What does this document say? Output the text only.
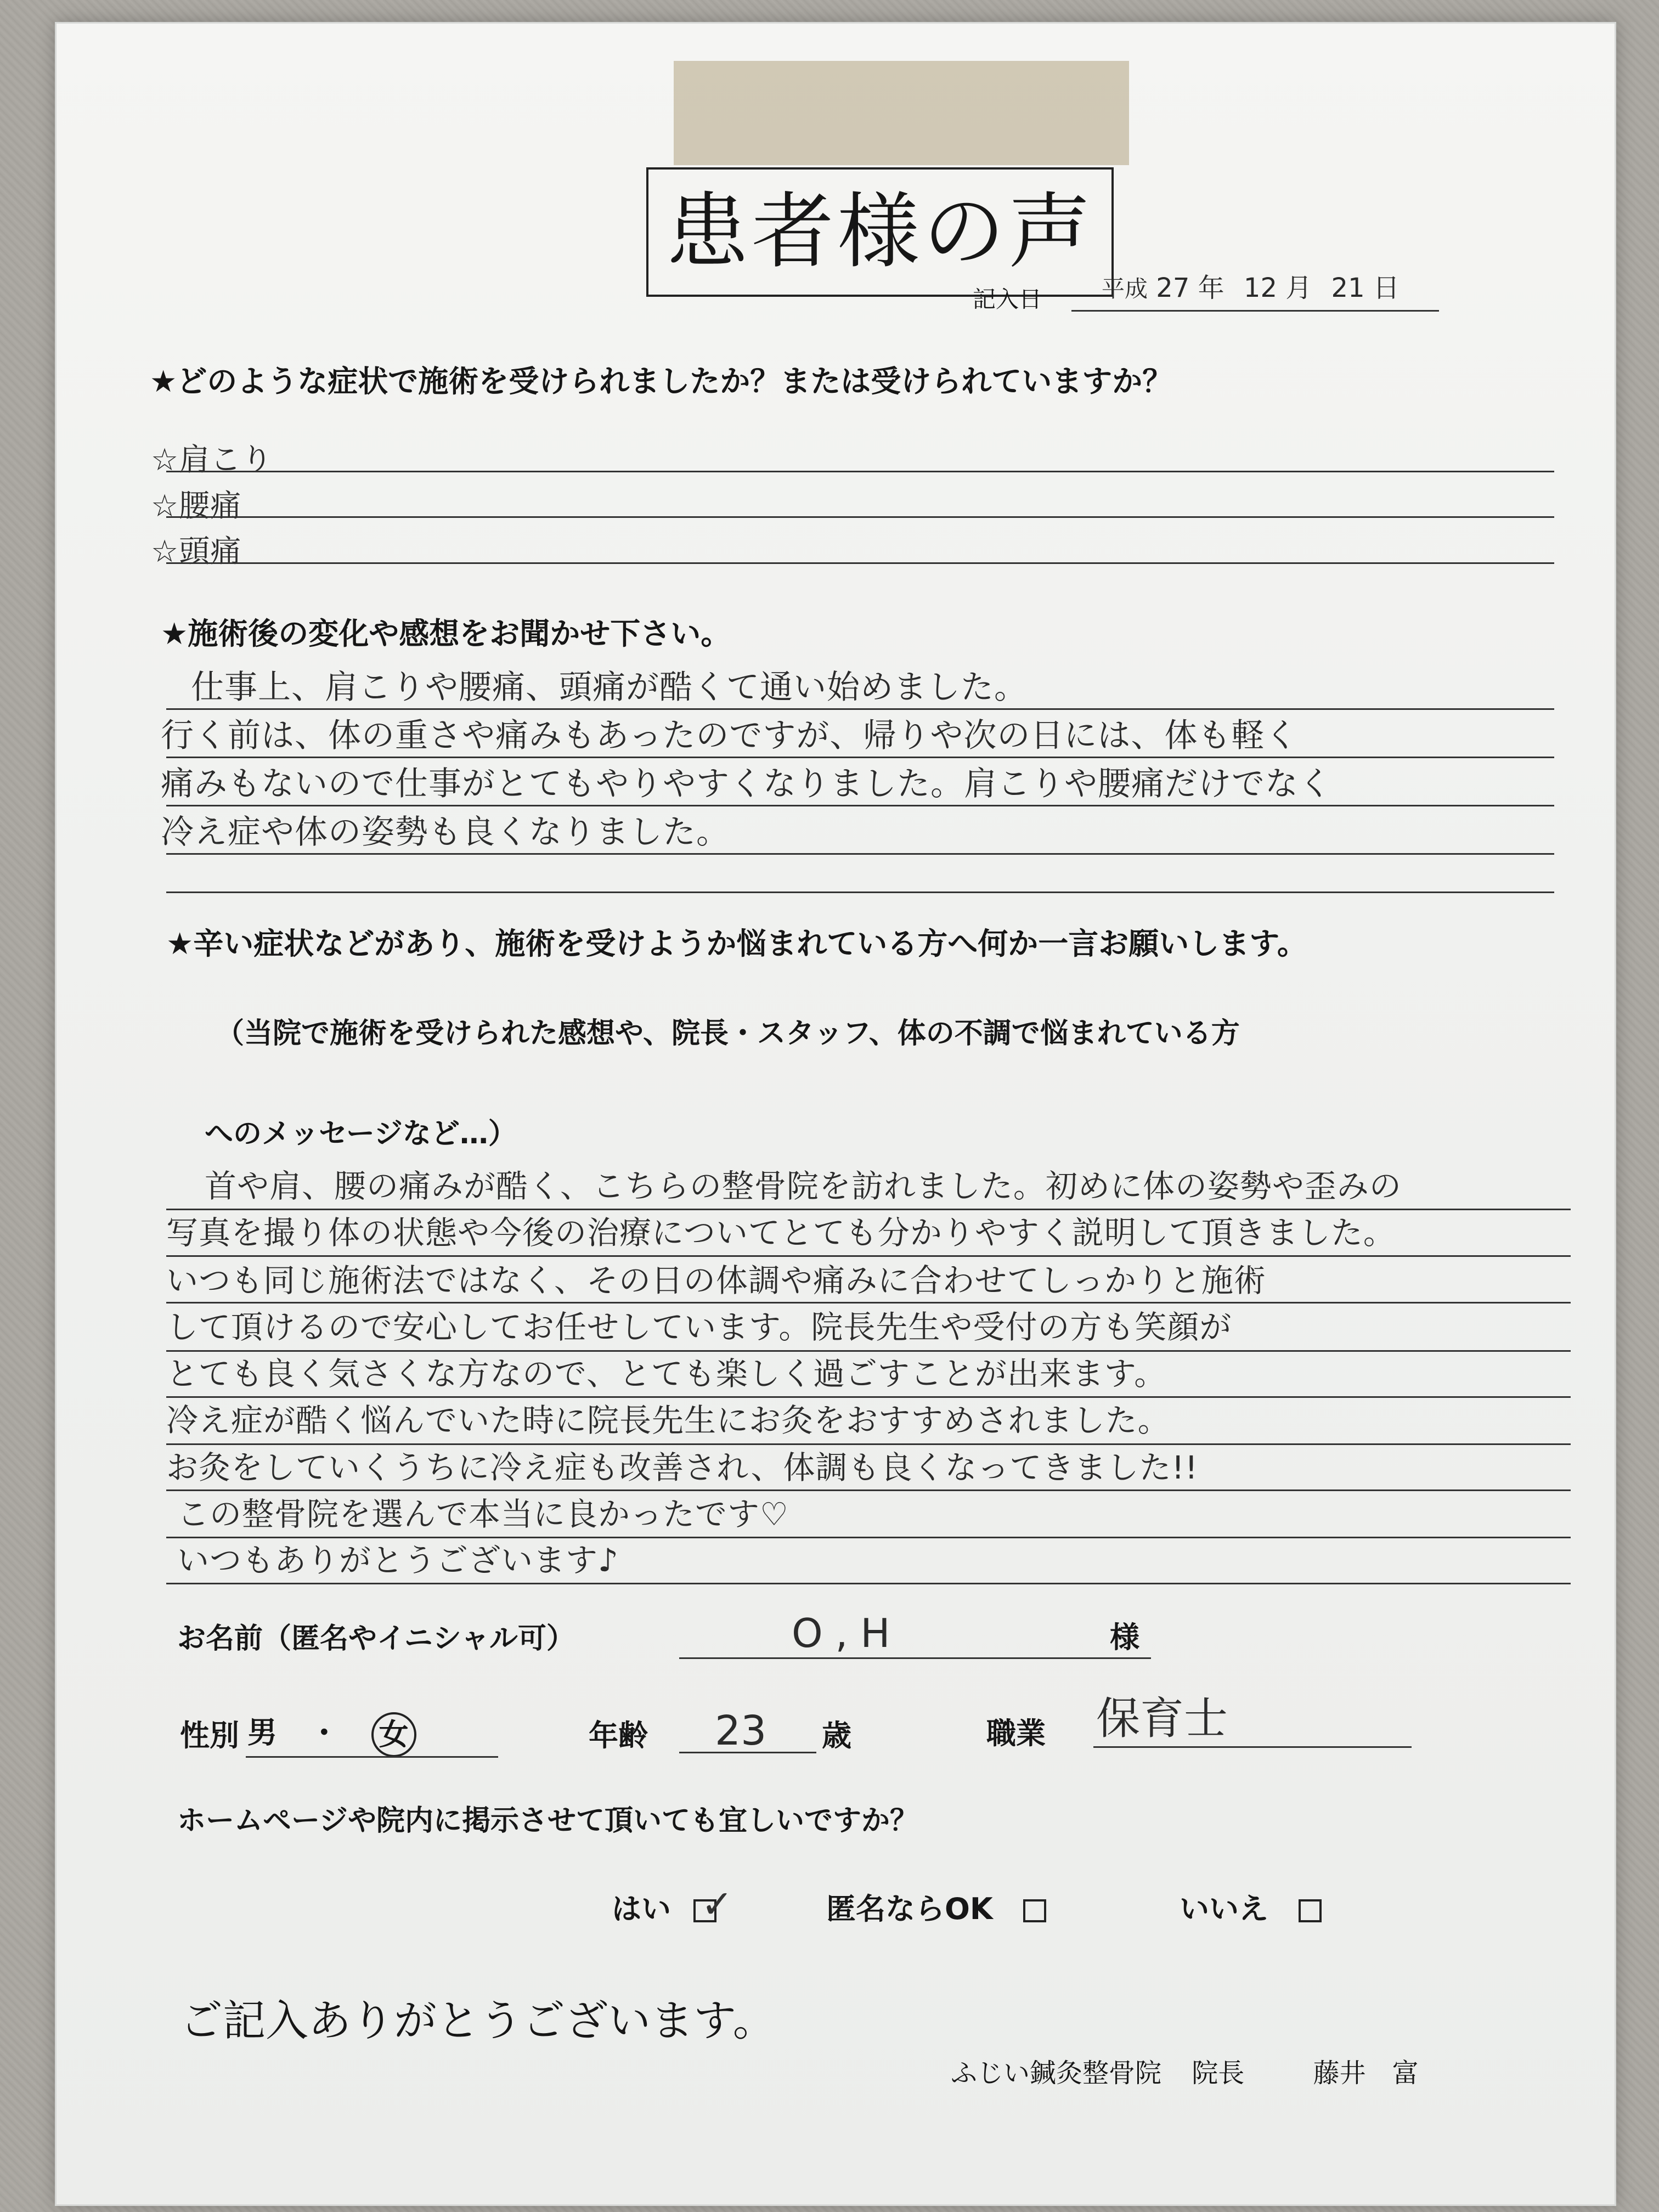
患者様の声
記入日	平成 27 年 12 月 21 日
★どのような症状で施術を受けられましたか？または受けられていますか？
☆肩こり
☆腰痛
☆頭痛
★施術後の変化や感想をお聞かせ下さい。
仕事上、肩こりや腰痛、頭痛が酷くて通い始めました。
行く前は、体の重さや痛みもあったのですが、帰りや次の日には、体も軽く
痛みもないので仕事がとてもやりやすくなりました。肩こりや腰痛だけでなく
冷え症や体の姿勢も良くなりました。
★辛い症状などがあり、施術を受けようか悩まれている方へ何か一言お願いします。
（当院で施術を受けられた感想や、院長・スタッフ、体の不調で悩まれている方
へのメッセージなど…）
首や肩、腰の痛みが酷く、こちらの整骨院を訪れました。初めに体の姿勢や歪みの
写真を撮り体の状態や今後の治療についてとても分かりやすく説明して頂きました。
いつも同じ施術法ではなく、その日の体調や痛みに合わせてしっかりと施術
して頂けるので安心してお任せしています。院長先生や受付の方も笑顔が
とても良く気さくな方なので、とても楽しく過ごすことが出来ます。
冷え症が酷く悩んでいた時に院長先生にお灸をおすすめされました。
お灸をしていくうちに冷え症も改善され、体調も良くなってきました!!
この整骨院を選んで本当に良かったです♡
いつもありがとうございます♪
お名前（匿名やイニシャル可）	O , H	様
性別 男 ・ 女	年齢 23 歳	職業 保育士
ホームページや院内に掲示させて頂いても宜しいですか？
はい ✓	匿名ならOK	いいえ
ご記入ありがとうございます。
ふじい鍼灸整骨院 院長	藤井　富
